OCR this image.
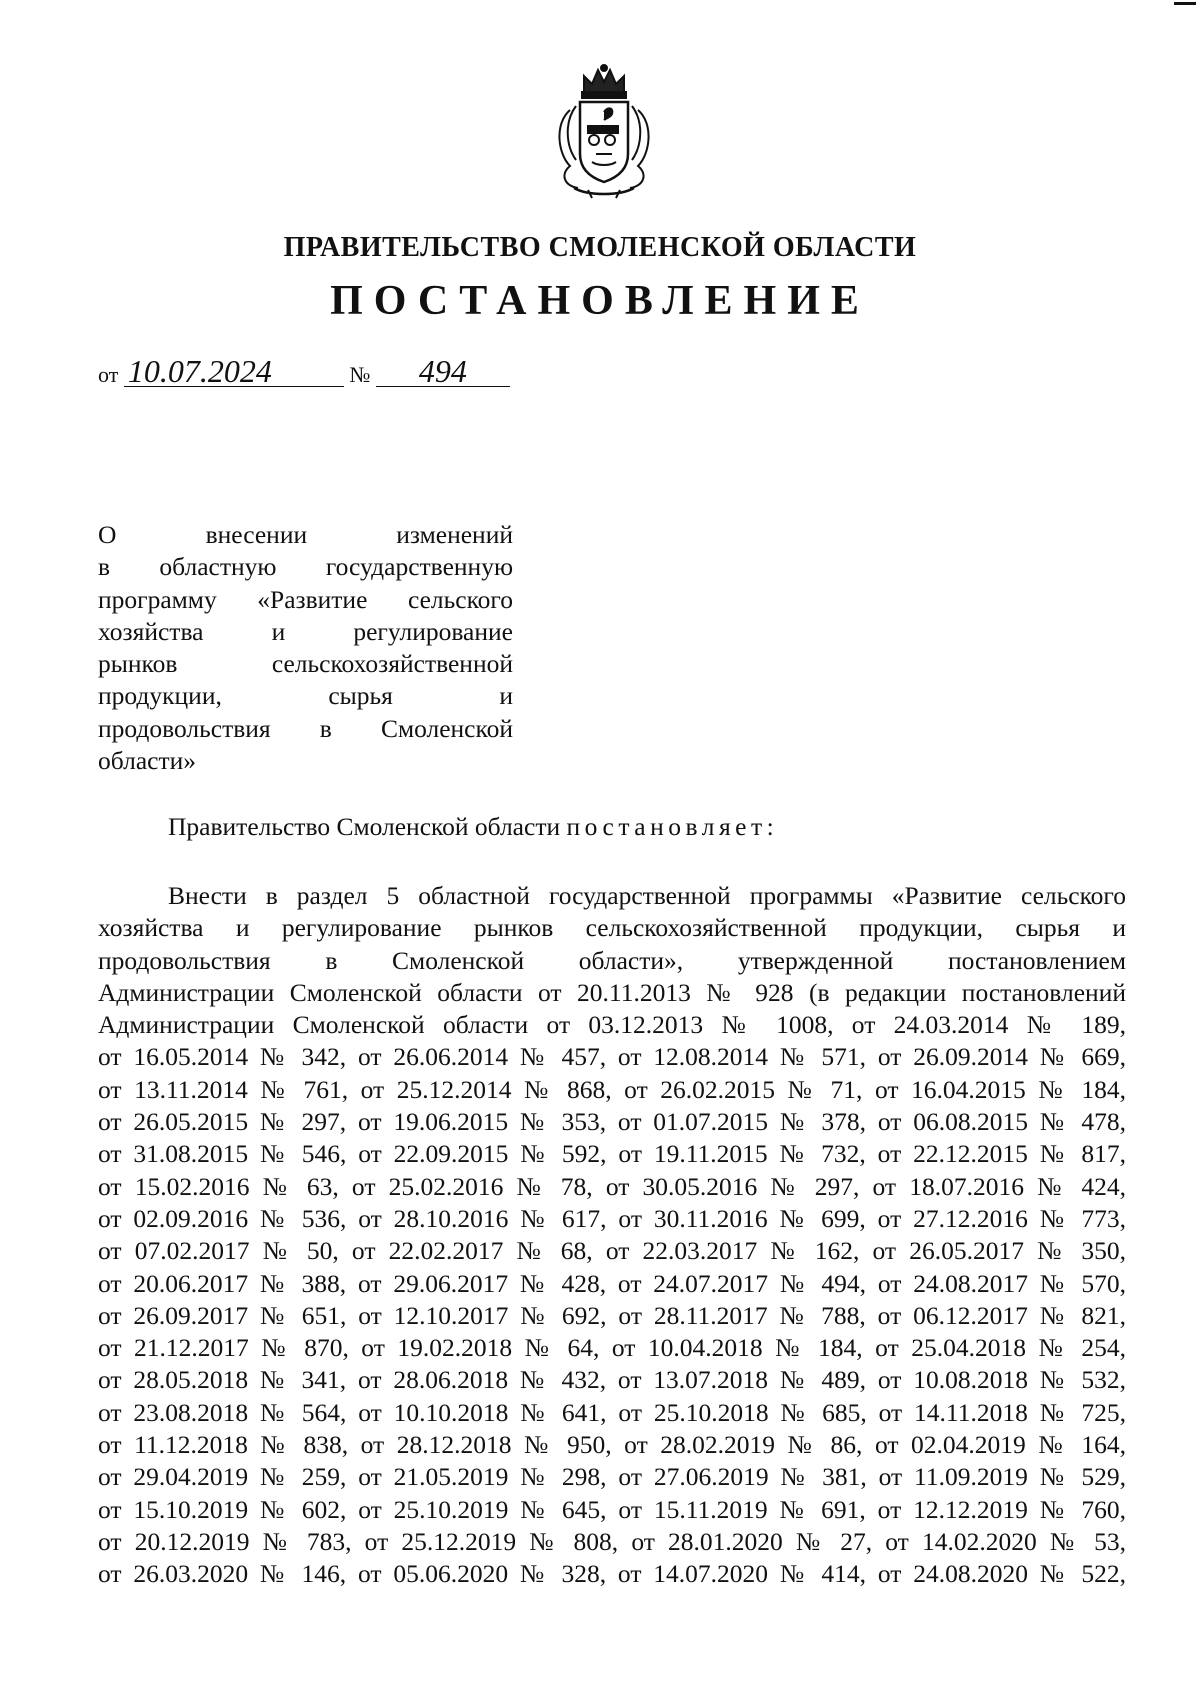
ПРАВИТЕЛЬСТВО СМОЛЕНСКОЙ ОБЛАСТИ
ПОСТАНОВЛЕНИЕ
от 10.07.2024	№ 494
О внесении изменений
в областную государственную
программу «Развитие сельского
хозяйства и регулирование
рынков сельскохозяйственной
продукции, сырья и
продовольствия в Смоленской
области»
Правительство Смоленской области постановляет:
Внести в раздел 5 областной государственной программы «Развитие сельского
хозяйства и регулирование рынков сельскохозяйственной продукции, сырья и
продовольствия в Смоленской области», утвержденной постановлением
Администрации Смоленской области от 20.11.2013 № 928 (в редакции постановлений
Администрации Смоленской области от 03.12.2013 № 1008, от 24.03.2014 № 189,
от 16.05.2014 № 342, от 26.06.2014 № 457, от 12.08.2014 № 571, от 26.09.2014 № 669,
от 13.11.2014 № 761, от 25.12.2014 № 868, от 26.02.2015 № 71, от 16.04.2015 № 184,
от 26.05.2015 № 297, от 19.06.2015 № 353, от 01.07.2015 № 378, от 06.08.2015 № 478,
от 31.08.2015 № 546, от 22.09.2015 № 592, от 19.11.2015 № 732, от 22.12.2015 № 817,
от 15.02.2016 № 63, от 25.02.2016 № 78, от 30.05.2016 № 297, от 18.07.2016 № 424,
от 02.09.2016 № 536, от 28.10.2016 № 617, от 30.11.2016 № 699, от 27.12.2016 № 773,
от 07.02.2017 № 50, от 22.02.2017 № 68, от 22.03.2017 № 162, от 26.05.2017 № 350,
от 20.06.2017 № 388, от 29.06.2017 № 428, от 24.07.2017 № 494, от 24.08.2017 № 570,
от 26.09.2017 № 651, от 12.10.2017 № 692, от 28.11.2017 № 788, от 06.12.2017 № 821,
от 21.12.2017 № 870, от 19.02.2018 № 64, от 10.04.2018 № 184, от 25.04.2018 № 254,
от 28.05.2018 № 341, от 28.06.2018 № 432, от 13.07.2018 № 489, от 10.08.2018 № 532,
от 23.08.2018 № 564, от 10.10.2018 № 641, от 25.10.2018 № 685, от 14.11.2018 № 725,
от 11.12.2018 № 838, от 28.12.2018 № 950, от 28.02.2019 № 86, от 02.04.2019 № 164,
от 29.04.2019 № 259, от 21.05.2019 № 298, от 27.06.2019 № 381, от 11.09.2019 № 529,
от 15.10.2019 № 602, от 25.10.2019 № 645, от 15.11.2019 № 691, от 12.12.2019 № 760,
от 20.12.2019 № 783, от 25.12.2019 № 808, от 28.01.2020 № 27, от 14.02.2020 № 53,
от 26.03.2020 № 146, от 05.06.2020 № 328, от 14.07.2020 № 414, от 24.08.2020 № 522,
